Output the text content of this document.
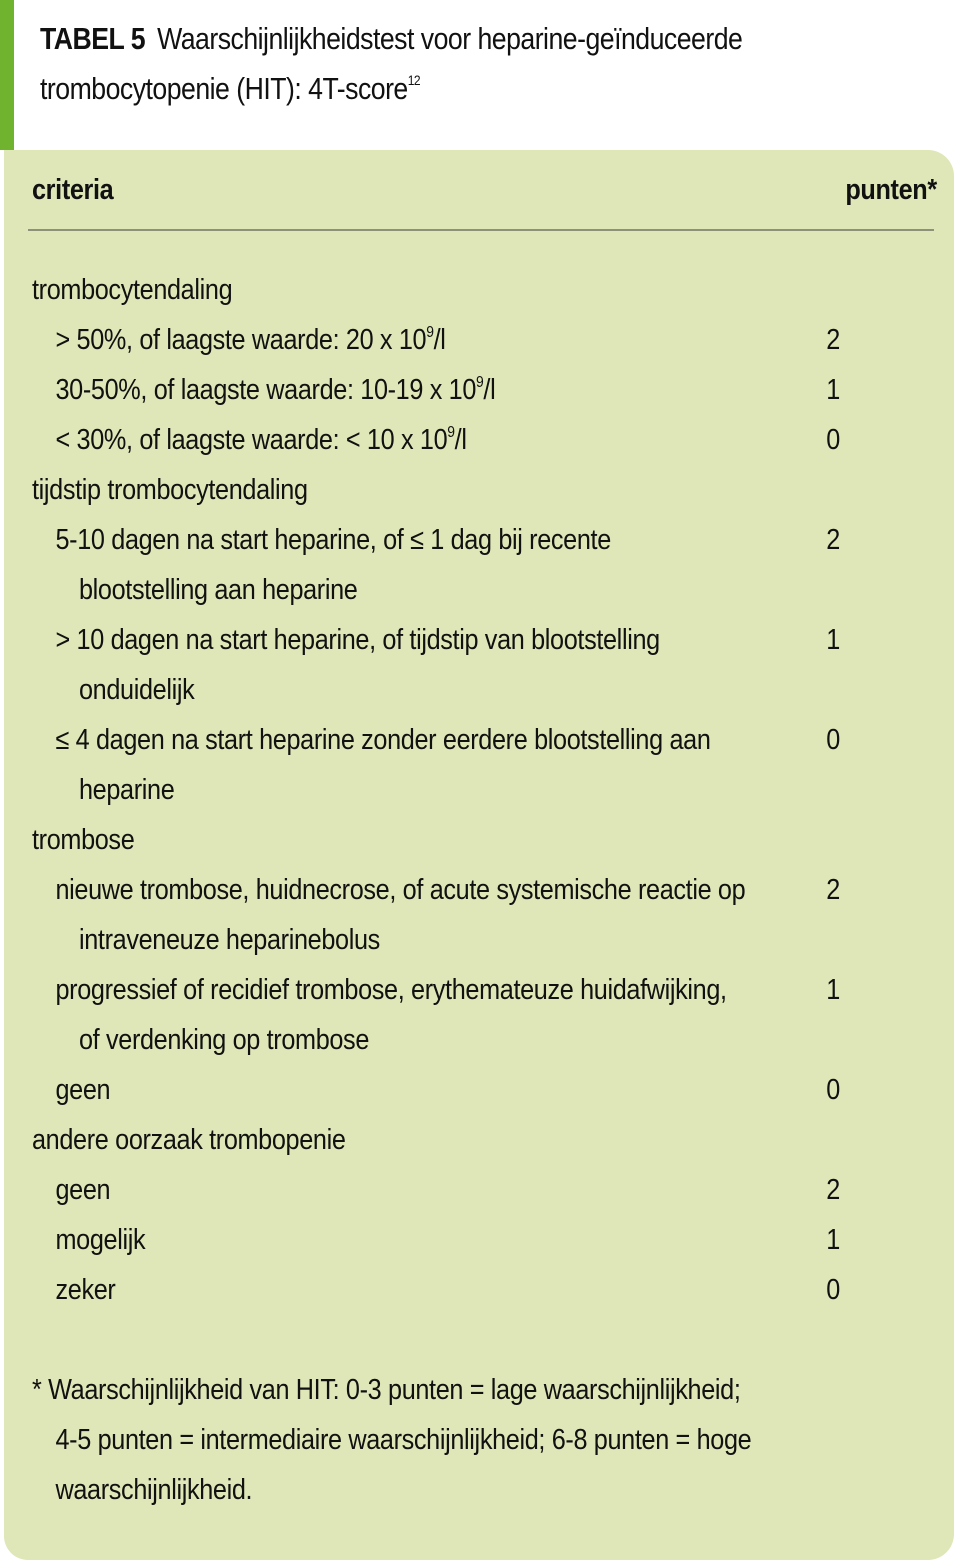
TABEL 5 Waarschijnlijkheidstest voor heparine-geïnduceerde
trombocytopenie (HIT): 4T-score$^{12}$
criteria	punten*
trombocytendaling
> 50%, of laagste waarde: 20 x $10^9/l$	2
30-50%, of laagste waarde: 10-19 x $10^9/l$	1
< 30%, of laagste waarde: < 10 x $10^9/l$	0
tijdstip trombocytendaling
5-10 dagen na start heparine, of ≤ 1 dag bij recente	2
blootstelling aan heparine
> 10 dagen na start heparine, of tijdstip van blootstelling	1
onduidelijk
≤ 4 dagen na start heparine zonder eerdere blootstelling aan	0
heparine
trombose
nieuwe trombose, huidnecrose, of acute systemische reactie op	2
intraveneuze heparinebolus
progressief of recidief trombose, erythemateuze huidafwijking,	1
of verdenking op trombose
geen	0
andere oorzaak trombopenie
geen	2
mogelijk	1
zeker	0
* Waarschijnlijkheid van HIT: 0-3 punten = lage waarschijnlijkheid;
4-5 punten = intermediaire waarschijnlijkheid; 6-8 punten = hoge
waarschijnlijkheid.
